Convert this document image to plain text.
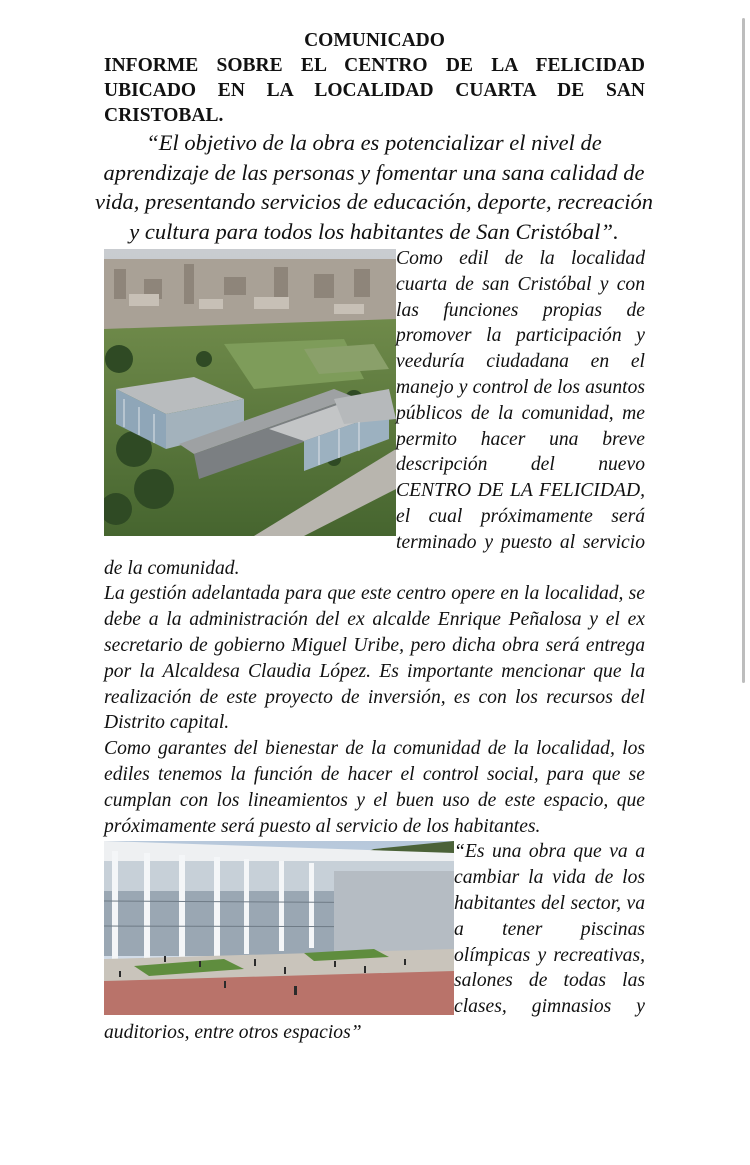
COMUNICADO

INFORME SOBRE EL CENTRO DE LA FELICIDAD UBICADO EN LA LOCALIDAD CUARTA DE SAN CRISTOBAL.

“El objetivo de la obra es potencializar el nivel de aprendizaje de las personas y fomentar una sana calidad de vida, presentando servicios de educación, deporte, recreación y cultura para todos los habitantes de San Cristóbal”.

Como edil de la localidad cuarta de san Cristóbal y con las funciones propias de promover la participación y veeduría ciudadana en el manejo y control de los asuntos públicos de la comunidad, me permito hacer una breve descripción del nuevo CENTRO DE LA FELICIDAD, el cual próximamente será terminado y puesto al servicio de la comunidad.

La gestión adelantada para que este centro opere en la localidad, se debe a la administración del ex alcalde Enrique Peñalosa y el ex secretario de gobierno Miguel Uribe, pero dicha obra será entrega por la Alcaldesa Claudia López. Es importante mencionar que la realización de este proyecto de inversión, es con los recursos del Distrito capital.

Como garantes del bienestar de la comunidad de la localidad, los ediles tenemos la función de hacer el control social, para que se cumplan con los lineamientos y el buen uso de este espacio, que próximamente será puesto al servicio de los habitantes.

“Es una obra que va a cambiar la vida de los habitantes del sector, va a tener piscinas olímpicas y recreativas, salones de todas las clases, gimnasios y auditorios, entre otros espacios”
